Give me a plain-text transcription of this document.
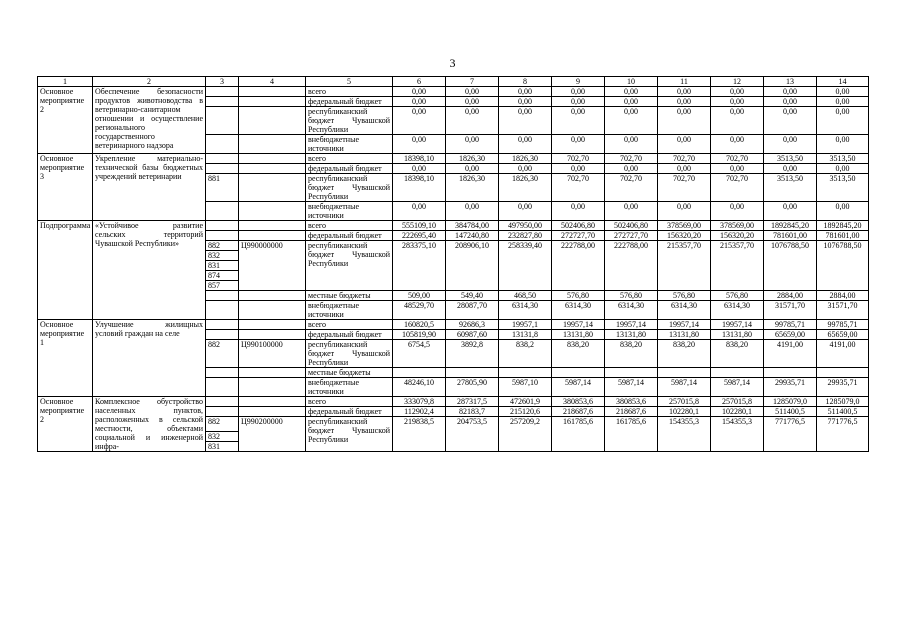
3
1	2	3	4	5	6	7	8	9	10	11	12	13	14
Основное мероприятие 2	Обеспечение безопасности продуктов животноводства в ветеринарно-санитарном отношении и осуществление регионального государственного ветеринарного надзора			всего	0,00	0,00	0,00	0,00	0,00	0,00	0,00	0,00	0,00
				федеральный бюджет	0,00	0,00	0,00	0,00	0,00	0,00	0,00	0,00	0,00
				республиканский бюджет Чувашской Республики	0,00	0,00	0,00	0,00	0,00	0,00	0,00	0,00	0,00
				внебюджетные источники	0,00	0,00	0,00	0,00	0,00	0,00	0,00	0,00	0,00
Основное мероприятие 3	Укрепление материально-технической базы бюджетных учреждений ветеринарии			всего	18398,10	1826,30	1826,30	702,70	702,70	702,70	702,70	3513,50	3513,50
				федеральный бюджет	0,00	0,00	0,00	0,00	0,00	0,00	0,00	0,00	0,00
		881		республиканский бюджет Чувашской Республики	18398,10	1826,30	1826,30	702,70	702,70	702,70	702,70	3513,50	3513,50
				внебюджетные источники	0,00	0,00	0,00	0,00	0,00	0,00	0,00	0,00	0,00
Подпрограмма	«Устойчивое развитие сельских территорий Чувашской Республики»			всего	555109,10	384784,00	497950,00	502406,80	502406,80	378569,00	378569,00	1892845,20	1892845,20
				федеральный бюджет	222695,40	147240,80	232827,80	272727,70	272727,70	156320,20	156320,20	781601,00	781601,00
		882	Ц990000000	республиканский бюджет Чувашской Республики	283375,10	208906,10	258339,40	222788,00	222788,00	215357,70	215357,70	1076788,50	1076788,50
		832											
		831											
		874											
		857											
				местные бюджеты	509,00	549,40	468,50	576,80	576,80	576,80	576,80	2884,00	2884,00
				внебюджетные источники	48529,70	28087,70	6314,30	6314,30	6314,30	6314,30	6314,30	31571,70	31571,70
Основное мероприятие 1	Улучшение жилищных условий граждан на селе			всего	160820,5	92686,3	19957,1	19957,14	19957,14	19957,14	19957,14	99785,71	99785,71
				федеральный бюджет	105819,90	60987,60	13131,8	13131,80	13131,80	13131,80	13131,80	65659,00	65659,00
		882	Ц990100000	республиканский бюджет Чувашской Республики	6754,5	3892,8	838,2	838,20	838,20	838,20	838,20	4191,00	4191,00
				местные бюджеты									
				внебюджетные источники	48246,10	27805,90	5987,10	5987,14	5987,14	5987,14	5987,14	29935,71	29935,71
Основное мероприятие 2	Комплексное обустройство населенных пунктов, расположенных в сельской местности, объектами социальной и инженерной инфра-			всего	333079,8	287317,5	472601,9	380853,6	380853,6	257015,8	257015,8	1285079,0	1285079,0
				федеральный бюджет	112902,4	82183,7	215120,6	218687,6	218687,6	102280,1	102280,1	511400,5	511400,5
		882	Ц990200000	республиканский бюджет Чувашской Республики	219838,5	204753,5	257209,2	161785,6	161785,6	154355,3	154355,3	771776,5	771776,5
		832											
		831											
